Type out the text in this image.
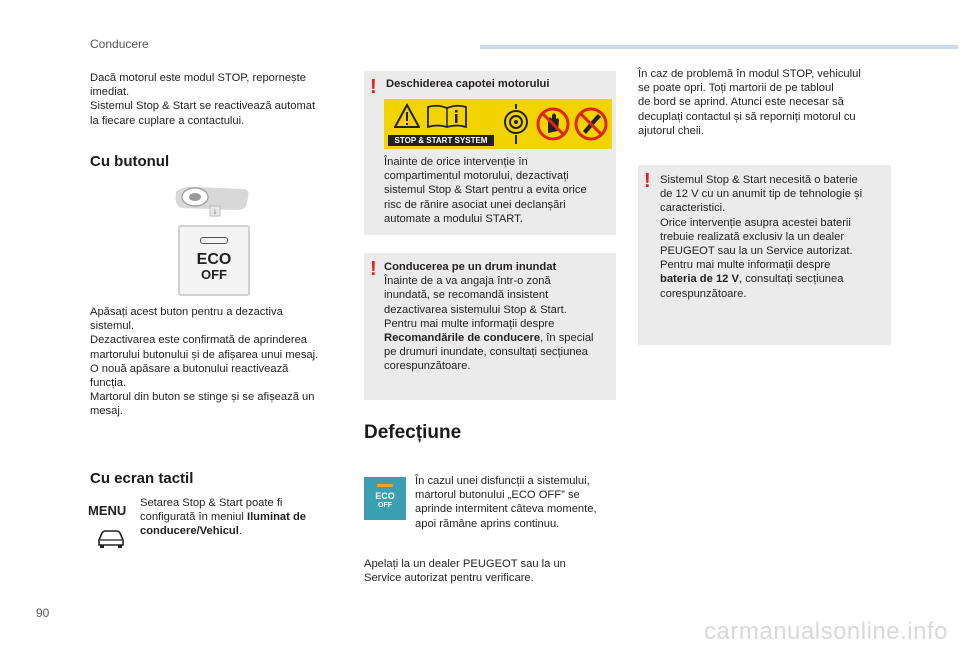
Conducere
Dacă motorul este modul STOP, repornește
imediat.
Sistemul Stop & Start se reactivează automat
la fiecare cuplare a contactului.
Cu butonul
↓
ECO
OFF
Apăsați acest buton pentru a dezactiva
sistemul.
Dezactivarea este confirmată de aprinderea
martorului butonului și de afișarea unui mesaj.
O nouă apăsare a butonului reactivează
funcția.
Martorul din buton se stinge și se afișează un
mesaj.
Cu ecran tactil
MENU Setarea Stop & Start poate fi
configurată în meniul Iluminat de
conducere/Vehicul.
! Deschiderea capotei motorului
STOP & START SYSTEM
Înainte de orice intervenție în
compartimentul motorului, dezactivați
sistemul Stop & Start pentru a evita orice
risc de rănire asociat unei declanșări
automate a modului START.
! Conducerea pe un drum inundat
Înainte de a va angaja într-o zonă
inundată, se recomandă insistent
dezactivarea sistemului Stop & Start.
Pentru mai multe informații despre
Recomandările de conducere, în special
pe drumuri inundate, consultați secțiunea
corespunzătoare.
Defecțiune
ECO
OFF
În cazul unei disfuncții a sistemului,
martorul butonului „ECO OFF” se
aprinde intermitent câteva momente,
apoi rămâne aprins continuu.
Apelați la un dealer PEUGEOT sau la un
Service autorizat pentru verificare.
În caz de problemă în modul STOP, vehiculul
se poate opri. Toți martorii de pe tabloul
de bord se aprind. Atunci este necesar să
decuplați contactul și să reporniți motorul cu
ajutorul cheii.
! Sistemul Stop & Start necesită o baterie
de 12 V cu un anumit tip de tehnologie și
caracteristici.
Orice intervenție asupra acestei baterii
trebuie realizată exclusiv la un dealer
PEUGEOT sau la un Service autorizat.
Pentru mai multe informații despre
bateria de 12 V, consultați secțiunea
corespunzătoare.
90
carmanualsonline.info
